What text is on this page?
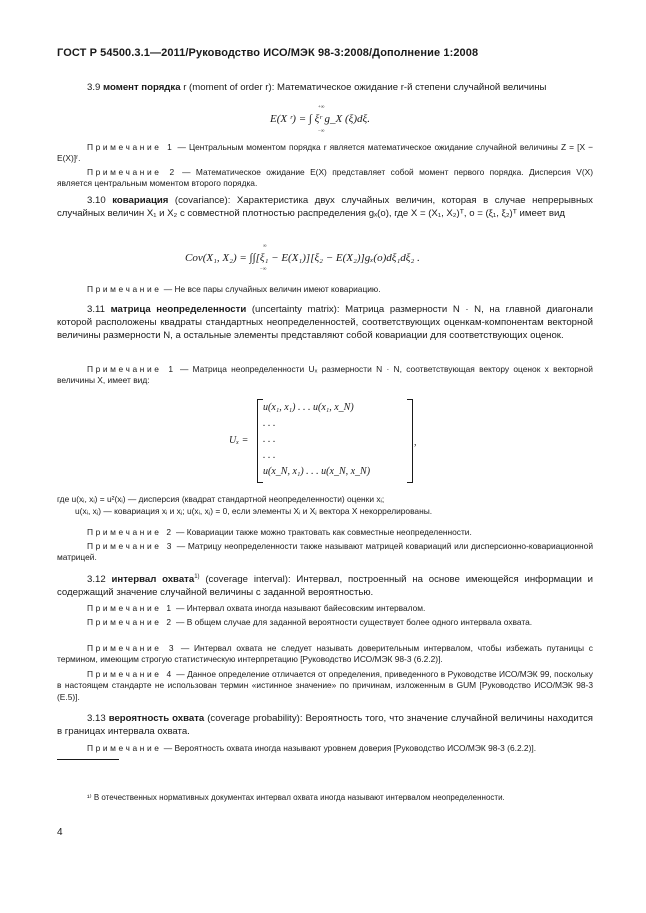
ГОСТ Р 54500.3.1—2011/Руководство ИСО/МЭК 98-3:2008/Дополнение 1:2008

3.9 момент порядка r (moment of order r): Математическое ожидание r-й степени случайной величины

E(X ʳ) = ∫ ξʳ g_X (ξ)dξ.
+∞
−∞

Примечание 1 — Центральным моментом порядка r является математическое ожидание случайной величины Z = [X − E(X)]ʳ.

Примечание 2 — Математическое ожидание E(X) представляет собой момент первого порядка. Дисперсия V(X) является центральным моментом второго порядка.

3.10 ковариация (covariance): Характеристика двух случайных величин, которая в случае непрерывных случайных величин X₁ и X₂ с совместной плотностью распределения gₓ(ο), где X = (X₁, X₂)ᵀ, ο = (ξ₁, ξ₂)ᵀ имеет вид

Cov(X₁, X₂) = ∫∫[ξ₁ − E(X₁)][ξ₂ − E(X₂)]gₓ(ο)dξ₁dξ₂ .
∞
−∞

Примечание — Не все пары случайных величин имеют ковариацию.

3.11 матрица неопределенности (uncertainty matrix): Матрица размерности N · N, на главной диагонали которой расположены квадраты стандартных неопределенностей, соответствующих оценкам-компонентам векторной величины размерности N, а остальные элементы представляют собой ковариации для соответствующих оценок.

Примечание 1 — Матрица неопределенности Uₓ размерности N · N, соответствующая вектору оценок x векторной величины X, имеет вид:

Uₓ =
u(x₁, x₁) . . . u(x₁, x_N)
. . .
. . .
. . .
u(x_N, x₁) . . . u(x_N, x_N)
,

где u(xᵢ, xᵢ) = u²(xᵢ) — дисперсия (квадрат стандартной неопределенности) оценки xᵢ;

u(xᵢ, xⱼ) — ковариация xᵢ и xⱼ; u(xᵢ, xⱼ) = 0, если элементы Xᵢ и Xⱼ вектора X некоррелированы.

Примечание 2 — Ковариации также можно трактовать как совместные неопределенности.

Примечание 3 — Матрицу неопределенности также называют матрицей ковариаций или дисперсионно-ковариационной матрицей.

3.12 интервал охвата$^{1)}$ (coverage interval): Интервал, построенный на основе имеющейся информации и содержащий значение случайной величины с заданной вероятностью.

Примечание 1 — Интервал охвата иногда называют байесовским интервалом.

Примечание 2 — В общем случае для заданной вероятности существует более одного интервала охвата.

Примечание 3 — Интервал охвата не следует называть доверительным интервалом, чтобы избежать путаницы с термином, имеющим строгую статистическую интерпретацию [Руководство ИСО/МЭК 98-3 (6.2.2)].

Примечание 4 — Данное определение отличается от определения, приведенного в Руководстве ИСО/МЭК 99, поскольку в настоящем стандарте не использован термин «истинное значение» по причинам, изложенным в GUM [Руководство ИСО/МЭК 98-3 (Е.5)].

3.13 вероятность охвата (coverage probability): Вероятность того, что значение случайной величины находится в границах интервала охвата.

Примечание — Вероятность охвата иногда называют уровнем доверия [Руководство ИСО/МЭК 98-3 (6.2.2)].

¹⁾ В отечественных нормативных документах интервал охвата иногда называют интервалом неопределенности.

4
